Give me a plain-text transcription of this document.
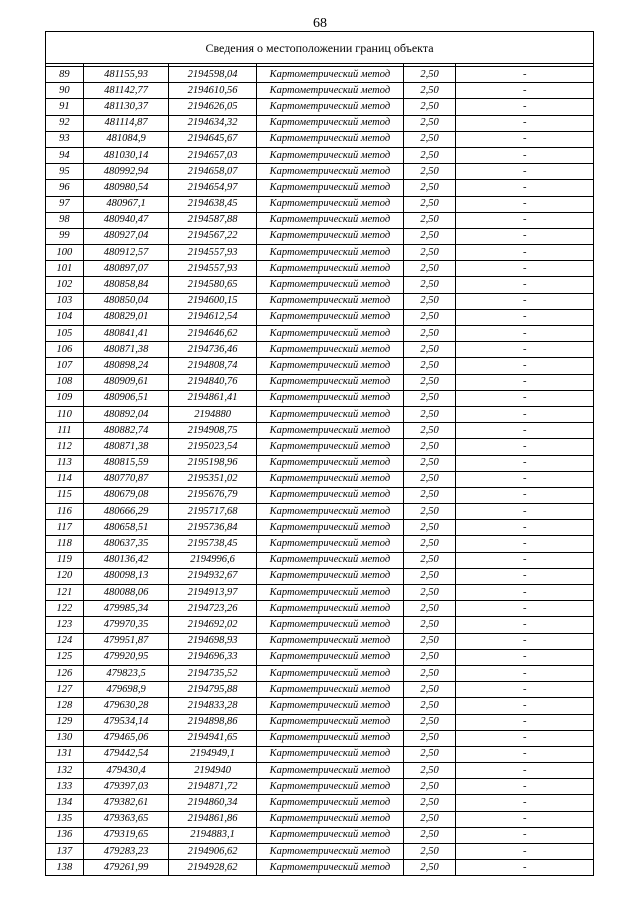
68
Сведения о местоположении границ объекта					

89	481155,93	2194598,04	Картометрический метод	2,50	-
90	481142,77	2194610,56	Картометрический метод	2,50	-
91	481130,37	2194626,05	Картометрический метод	2,50	-
92	481114,87	2194634,32	Картометрический метод	2,50	-
93	481084,9	2194645,67	Картометрический метод	2,50	-
94	481030,14	2194657,03	Картометрический метод	2,50	-
95	480992,94	2194658,07	Картометрический метод	2,50	-
96	480980,54	2194654,97	Картометрический метод	2,50	-
97	480967,1	2194638,45	Картометрический метод	2,50	-
98	480940,47	2194587,88	Картометрический метод	2,50	-
99	480927,04	2194567,22	Картометрический метод	2,50	-
100	480912,57	2194557,93	Картометрический метод	2,50	-
101	480897,07	2194557,93	Картометрический метод	2,50	-
102	480858,84	2194580,65	Картометрический метод	2,50	-
103	480850,04	2194600,15	Картометрический метод	2,50	-
104	480829,01	2194612,54	Картометрический метод	2,50	-
105	480841,41	2194646,62	Картометрический метод	2,50	-
106	480871,38	2194736,46	Картометрический метод	2,50	-
107	480898,24	2194808,74	Картометрический метод	2,50	-
108	480909,61	2194840,76	Картометрический метод	2,50	-
109	480906,51	2194861,41	Картометрический метод	2,50	-
110	480892,04	2194880	Картометрический метод	2,50	-
111	480882,74	2194908,75	Картометрический метод	2,50	-
112	480871,38	2195023,54	Картометрический метод	2,50	-
113	480815,59	2195198,96	Картометрический метод	2,50	-
114	480770,87	2195351,02	Картометрический метод	2,50	-
115	480679,08	2195676,79	Картометрический метод	2,50	-
116	480666,29	2195717,68	Картометрический метод	2,50	-
117	480658,51	2195736,84	Картометрический метод	2,50	-
118	480637,35	2195738,45	Картометрический метод	2,50	-
119	480136,42	2194996,6	Картометрический метод	2,50	-
120	480098,13	2194932,67	Картометрический метод	2,50	-
121	480088,06	2194913,97	Картометрический метод	2,50	-
122	479985,34	2194723,26	Картометрический метод	2,50	-
123	479970,35	2194692,02	Картометрический метод	2,50	-
124	479951,87	2194698,93	Картометрический метод	2,50	-
125	479920,95	2194696,33	Картометрический метод	2,50	-
126	479823,5	2194735,52	Картометрический метод	2,50	-
127	479698,9	2194795,88	Картометрический метод	2,50	-
128	479630,28	2194833,28	Картометрический метод	2,50	-
129	479534,14	2194898,86	Картометрический метод	2,50	-
130	479465,06	2194941,65	Картометрический метод	2,50	-
131	479442,54	2194949,1	Картометрический метод	2,50	-
132	479430,4	2194940	Картометрический метод	2,50	-
133	479397,03	2194871,72	Картометрический метод	2,50	-
134	479382,61	2194860,34	Картометрический метод	2,50	-
135	479363,65	2194861,86	Картометрический метод	2,50	-
136	479319,65	2194883,1	Картометрический метод	2,50	-
137	479283,23	2194906,62	Картометрический метод	2,50	-
138	479261,99	2194928,62	Картометрический метод	2,50	-
